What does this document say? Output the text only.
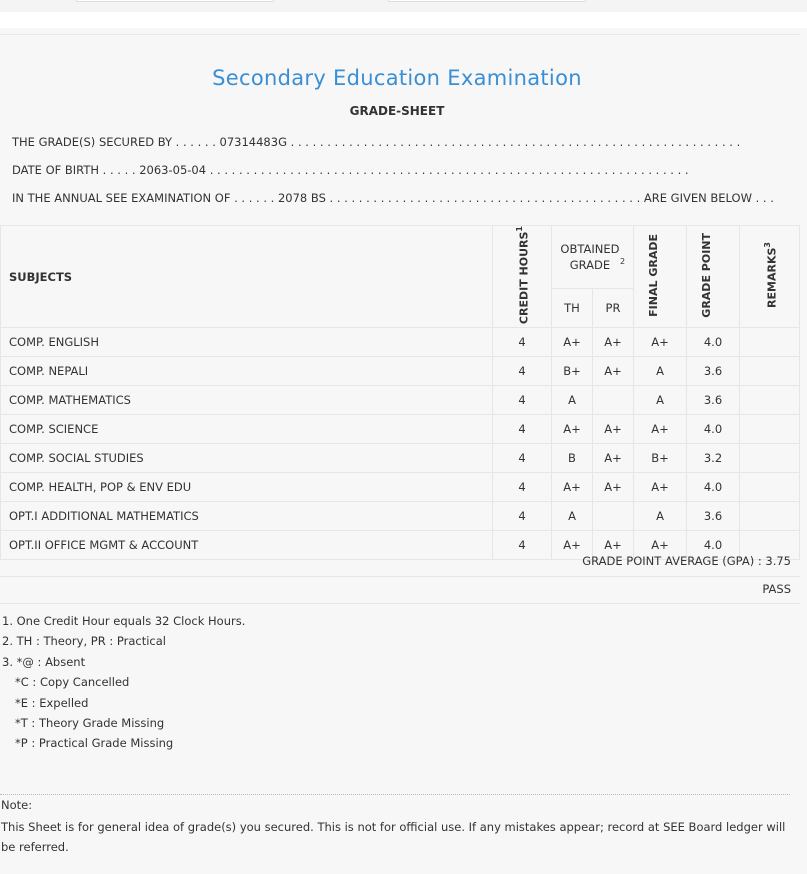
Secondary Education Examination
GRADE-SHEET
THE GRADE(S) SECURED BY . . . . . . 07314483G . . . . . . . . . . . . . . . . . . . . . . . . . . . . . . . . . . . . . . . . . . . . . . . . . . . . . . . . . . . . . .
DATE OF BIRTH . . . . . 2063-05-04 . . . . . . . . . . . . . . . . . . . . . . . . . . . . . . . . . . . . . . . . . . . . . . . . . . . . . . . . . . . . . . . . . .
IN THE ANNUAL SEE EXAMINATION OF . . . . . . 2078 BS . . . . . . . . . . . . . . . . . . . . . . . . . . . . . . . . . . . . . . . . . . . ARE GIVEN BELOW . . .
SUBJECTS	CREDIT HOURS$^1$	OBTAINED GRADE $^2$		FINAL GRADE	GRADE POINT	REMARKS$^3$
		TH	PR			
COMP. ENGLISH	4	A+	A+	A+	4.0	
COMP. NEPALI	4	B+	A+	A	3.6	
COMP. MATHEMATICS	4	A		A	3.6	
COMP. SCIENCE	4	A+	A+	A+	4.0	
COMP. SOCIAL STUDIES	4	B	A+	B+	3.2	
COMP. HEALTH, POP & ENV EDU	4	A+	A+	A+	4.0	
OPT.I ADDITIONAL MATHEMATICS	4	A		A	3.6	
OPT.II OFFICE MGMT & ACCOUNT	4	A+	A+	A+	4.0	
GRADE POINT AVERAGE (GPA) : 3.75
PASS
1. One Credit Hour equals 32 Clock Hours.
2. TH : Theory, PR : Practical
3. *@ : Absent
*C : Copy Cancelled
*E : Expelled
*T : Theory Grade Missing
*P : Practical Grade Missing
Note:
This Sheet is for general idea of grade(s) you secured. This is not for official use. If any mistakes appear; record at SEE Board ledger will be referred.
